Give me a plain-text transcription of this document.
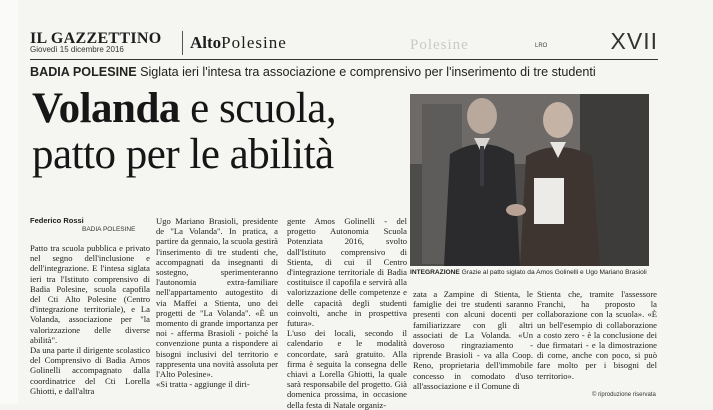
IL GAZZETTINO
Giovedì 15 dicembre 2016	AltoPolesine	Polesine	LRO	XVII
BADIA POLESINE Siglata ieri l'intesa tra associazione e comprensivo per l'inserimento di tre studenti
Volanda e scuola,
patto per le abilità
INTEGRAZIONE Grazie al patto siglato da Amos Golinelli e Ugo Mariano Brasioli
Federico Rossi
BADIA POLESINE

Patto tra scuola pubblica e privato nel segno dell'inclusione e dell'integrazione. E l'intesa siglata ieri tra l'Istituto comprensivo di Badia Polesine, scuola capofila del Cti Alto Polesine (Centro d'integrazione territoriale), e La Volanda, associazione per "la valorizzazione delle diverse abilità".
Da una parte il dirigente scolastico del Comprensivo di Badia Amos Golinelli accompagnato dalla coordinatrice del Cti Lorella Ghiotti, e dall'altra

Ugo Mariano Brasioli, presidente de "La Volanda". In pratica, a partire da gennaio, la scuola gestirà l'inserimento di tre studenti che, accompagnati da insegnanti di sostegno, sperimenteranno l'autonomia extra-familiare nell'appartamento autogestito di via Maffei a Stienta, uno dei progetti de "La Volanda". «È un momento di grande importanza per noi - afferma Brasioli - poiché la convenzione punta a rispondere ai bisogni inclusivi del territorio e rappresenta una novità assoluta per l'Alto Polesine».
«Si tratta - aggiunge il diri-

gente Amos Golinelli - del progetto Autonomia Scuola Potenziata 2016, svolto dall'Istituto comprensivo di Stienta, di cui il Centro d'integrazione territoriale di Badia costituisce il capofila e servirà alla valorizzazione delle competenze e delle capacità degli studenti coinvolti, anche in prospettiva futura».
L'uso dei locali, secondo il calendario e le modalità concordate, sarà gratuito. Alla firma è seguita la consegna delle chiavi a Lorella Ghiotti, la quale sarà responsabile del progetto. Già domenica prossima, in occasione della festa di Natale organiz-

zata a Zampine di Stienta, le famiglie dei tre studenti saranno presenti con alcuni docenti per familiarizzare con gli altri associati de La Volanda. «Un doveroso ringraziamento - riprende Brasioli - va alla Coop. Reno, proprietaria dell'immobile concesso in comodato d'uso all'associazione e il Comune di

Stienta che, tramite l'assessore Franchi, ha proposto la collaborazione con la scuola». «È un bell'esempio di collaborazione a costo zero - è la conclusione dei due firmatari - e la dimostrazione di come, anche con poco, si può fare molto per i bisogni del territorio».

© riproduzione riservata
